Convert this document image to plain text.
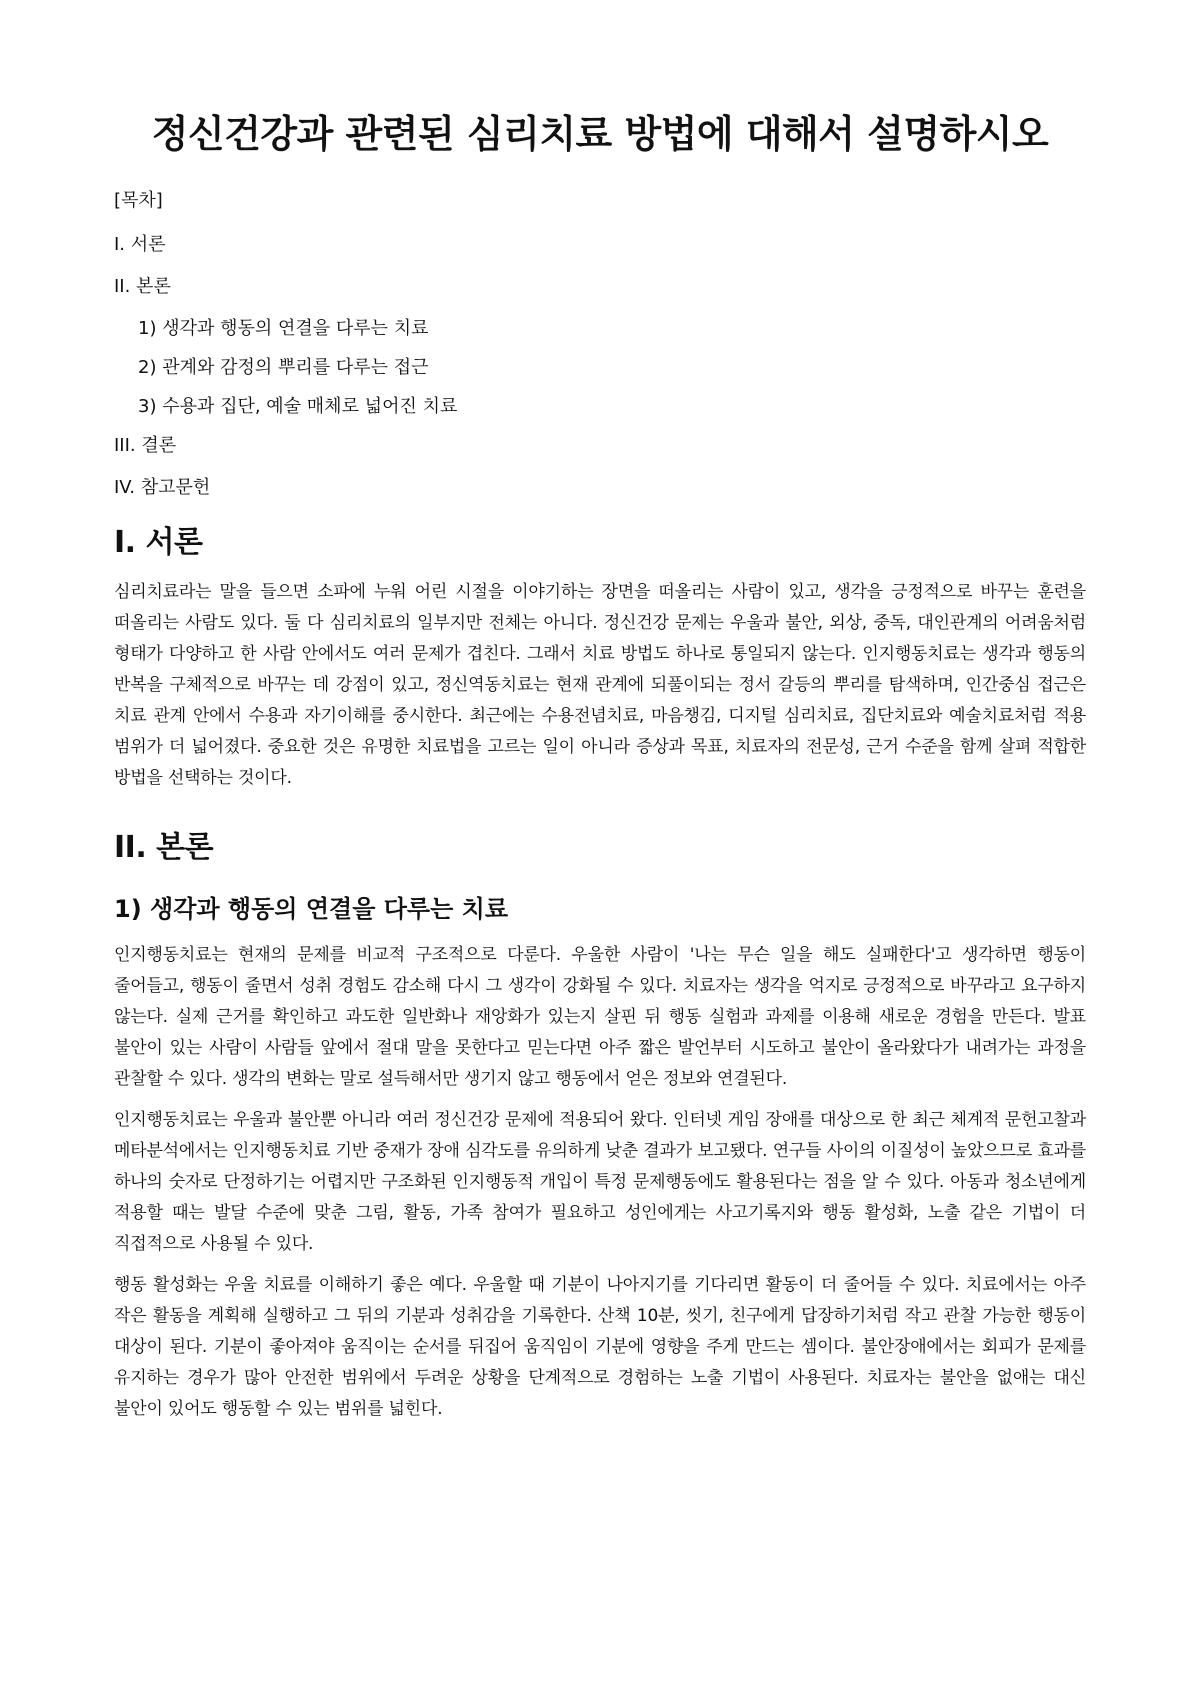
정신건강과 관련된 심리치료 방법에 대해서 설명하시오
[목차]
I. 서론
II. 본론
1) 생각과 행동의 연결을 다루는 치료
2) 관계와 감정의 뿌리를 다루는 접근
3) 수용과 집단, 예술 매체로 넓어진 치료
III. 결론
IV. 참고문헌
I. 서론

심리치료라는 말을 들으면 소파에 누워 어린 시절을 이야기하는 장면을 떠올리는 사람이 있고, 생각을 긍정적으로 바꾸는 훈련을 떠올리는 사람도 있다. 둘 다 심리치료의 일부지만 전체는 아니다. 정신건강 문제는 우울과 불안, 외상, 중독, 대인관계의 어려움처럼 형태가 다양하고 한 사람 안에서도 여러 문제가 겹친다. 그래서 치료 방법도 하나로 통일되지 않는다. 인지행동치료는 생각과 행동의 반복을 구체적으로 바꾸는 데 강점이 있고, 정신역동치료는 현재 관계에 되풀이되는 정서 갈등의 뿌리를 탐색하며, 인간중심 접근은 치료 관계 안에서 수용과 자기이해를 중시한다. 최근에는 수용전념치료, 마음챙김, 디지털 심리치료, 집단치료와 예술치료처럼 적용 범위가 더 넓어졌다. 중요한 것은 유명한 치료법을 고르는 일이 아니라 증상과 목표, 치료자의 전문성, 근거 수준을 함께 살펴 적합한 방법을 선택하는 것이다.

II. 본론
1) 생각과 행동의 연결을 다루는 치료

인지행동치료는 현재의 문제를 비교적 구조적으로 다룬다. 우울한 사람이 '나는 무슨 일을 해도 실패한다'고 생각하면 행동이 줄어들고, 행동이 줄면서 성취 경험도 감소해 다시 그 생각이 강화될 수 있다. 치료자는 생각을 억지로 긍정적으로 바꾸라고 요구하지 않는다. 실제 근거를 확인하고 과도한 일반화나 재앙화가 있는지 살핀 뒤 행동 실험과 과제를 이용해 새로운 경험을 만든다. 발표 불안이 있는 사람이 사람들 앞에서 절대 말을 못한다고 믿는다면 아주 짧은 발언부터 시도하고 불안이 올라왔다가 내려가는 과정을 관찰할 수 있다. 생각의 변화는 말로 설득해서만 생기지 않고 행동에서 얻은 정보와 연결된다.

인지행동치료는 우울과 불안뿐 아니라 여러 정신건강 문제에 적용되어 왔다. 인터넷 게임 장애를 대상으로 한 최근 체계적 문헌고찰과 메타분석에서는 인지행동치료 기반 중재가 장애 심각도를 유의하게 낮춘 결과가 보고됐다. 연구들 사이의 이질성이 높았으므로 효과를 하나의 숫자로 단정하기는 어렵지만 구조화된 인지행동적 개입이 특정 문제행동에도 활용된다는 점을 알 수 있다. 아동과 청소년에게 적용할 때는 발달 수준에 맞춘 그림, 활동, 가족 참여가 필요하고 성인에게는 사고기록지와 행동 활성화, 노출 같은 기법이 더 직접적으로 사용될 수 있다.

행동 활성화는 우울 치료를 이해하기 좋은 예다. 우울할 때 기분이 나아지기를 기다리면 활동이 더 줄어들 수 있다. 치료에서는 아주 작은 활동을 계획해 실행하고 그 뒤의 기분과 성취감을 기록한다. 산책 10분, 씻기, 친구에게 답장하기처럼 작고 관찰 가능한 행동이 대상이 된다. 기분이 좋아져야 움직이는 순서를 뒤집어 움직임이 기분에 영향을 주게 만드는 셈이다. 불안장애에서는 회피가 문제를 유지하는 경우가 많아 안전한 범위에서 두려운 상황을 단계적으로 경험하는 노출 기법이 사용된다. 치료자는 불안을 없애는 대신 불안이 있어도 행동할 수 있는 범위를 넓힌다.
